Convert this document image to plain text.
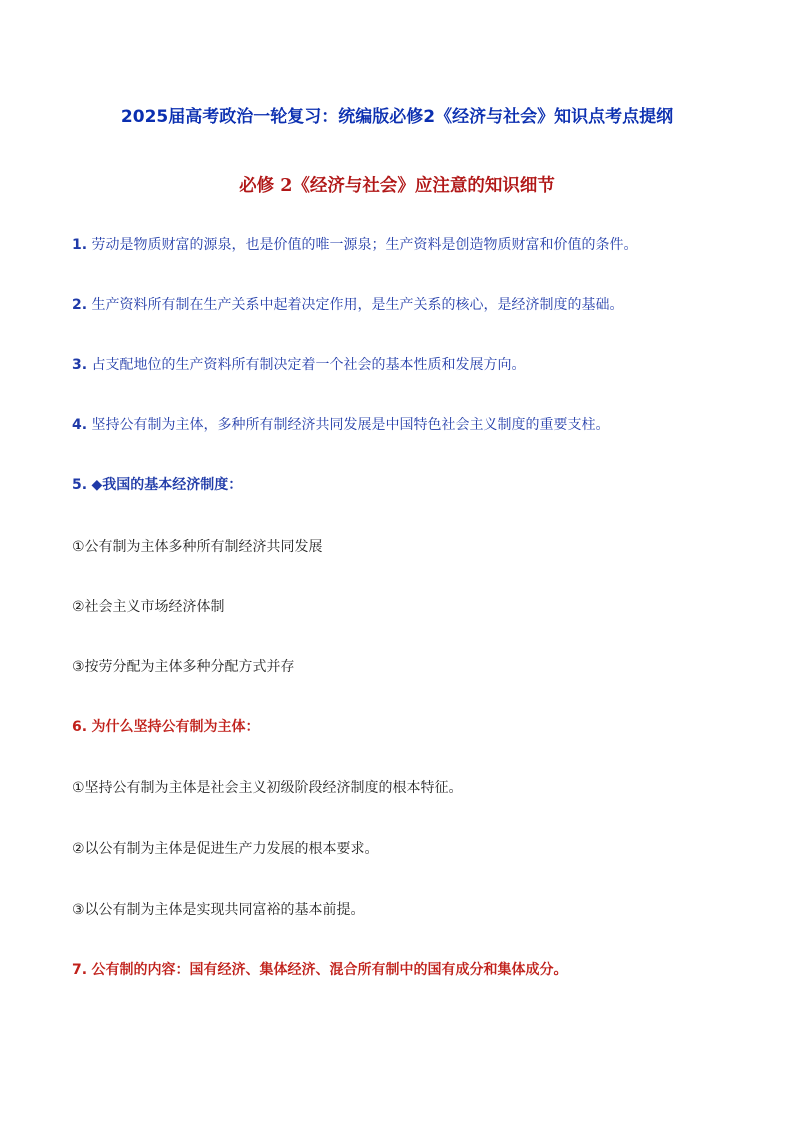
2025届高考政治一轮复习：统编版必修2《经济与社会》知识点考点提纲
必修 2《经济与社会》应注意的知识细节
1. 劳动是物质财富的源泉，也是价值的唯一源泉；生产资料是创造物质财富和价值的条件。
2. 生产资料所有制在生产关系中起着决定作用，是生产关系的核心，是经济制度的基础。
3. 占支配地位的生产资料所有制决定着一个社会的基本性质和发展方向。
4. 坚持公有制为主体，多种所有制经济共同发展是中国特色社会主义制度的重要支柱。
5. ◆我国的基本经济制度：
①公有制为主体多种所有制经济共同发展
②社会主义市场经济体制
③按劳分配为主体多种分配方式并存
6. 为什么坚持公有制为主体：
①坚持公有制为主体是社会主义初级阶段经济制度的根本特征。
②以公有制为主体是促进生产力发展的根本要求。
③以公有制为主体是实现共同富裕的基本前提。
7. 公有制的内容：国有经济、集体经济、混合所有制中的国有成分和集体成分。
